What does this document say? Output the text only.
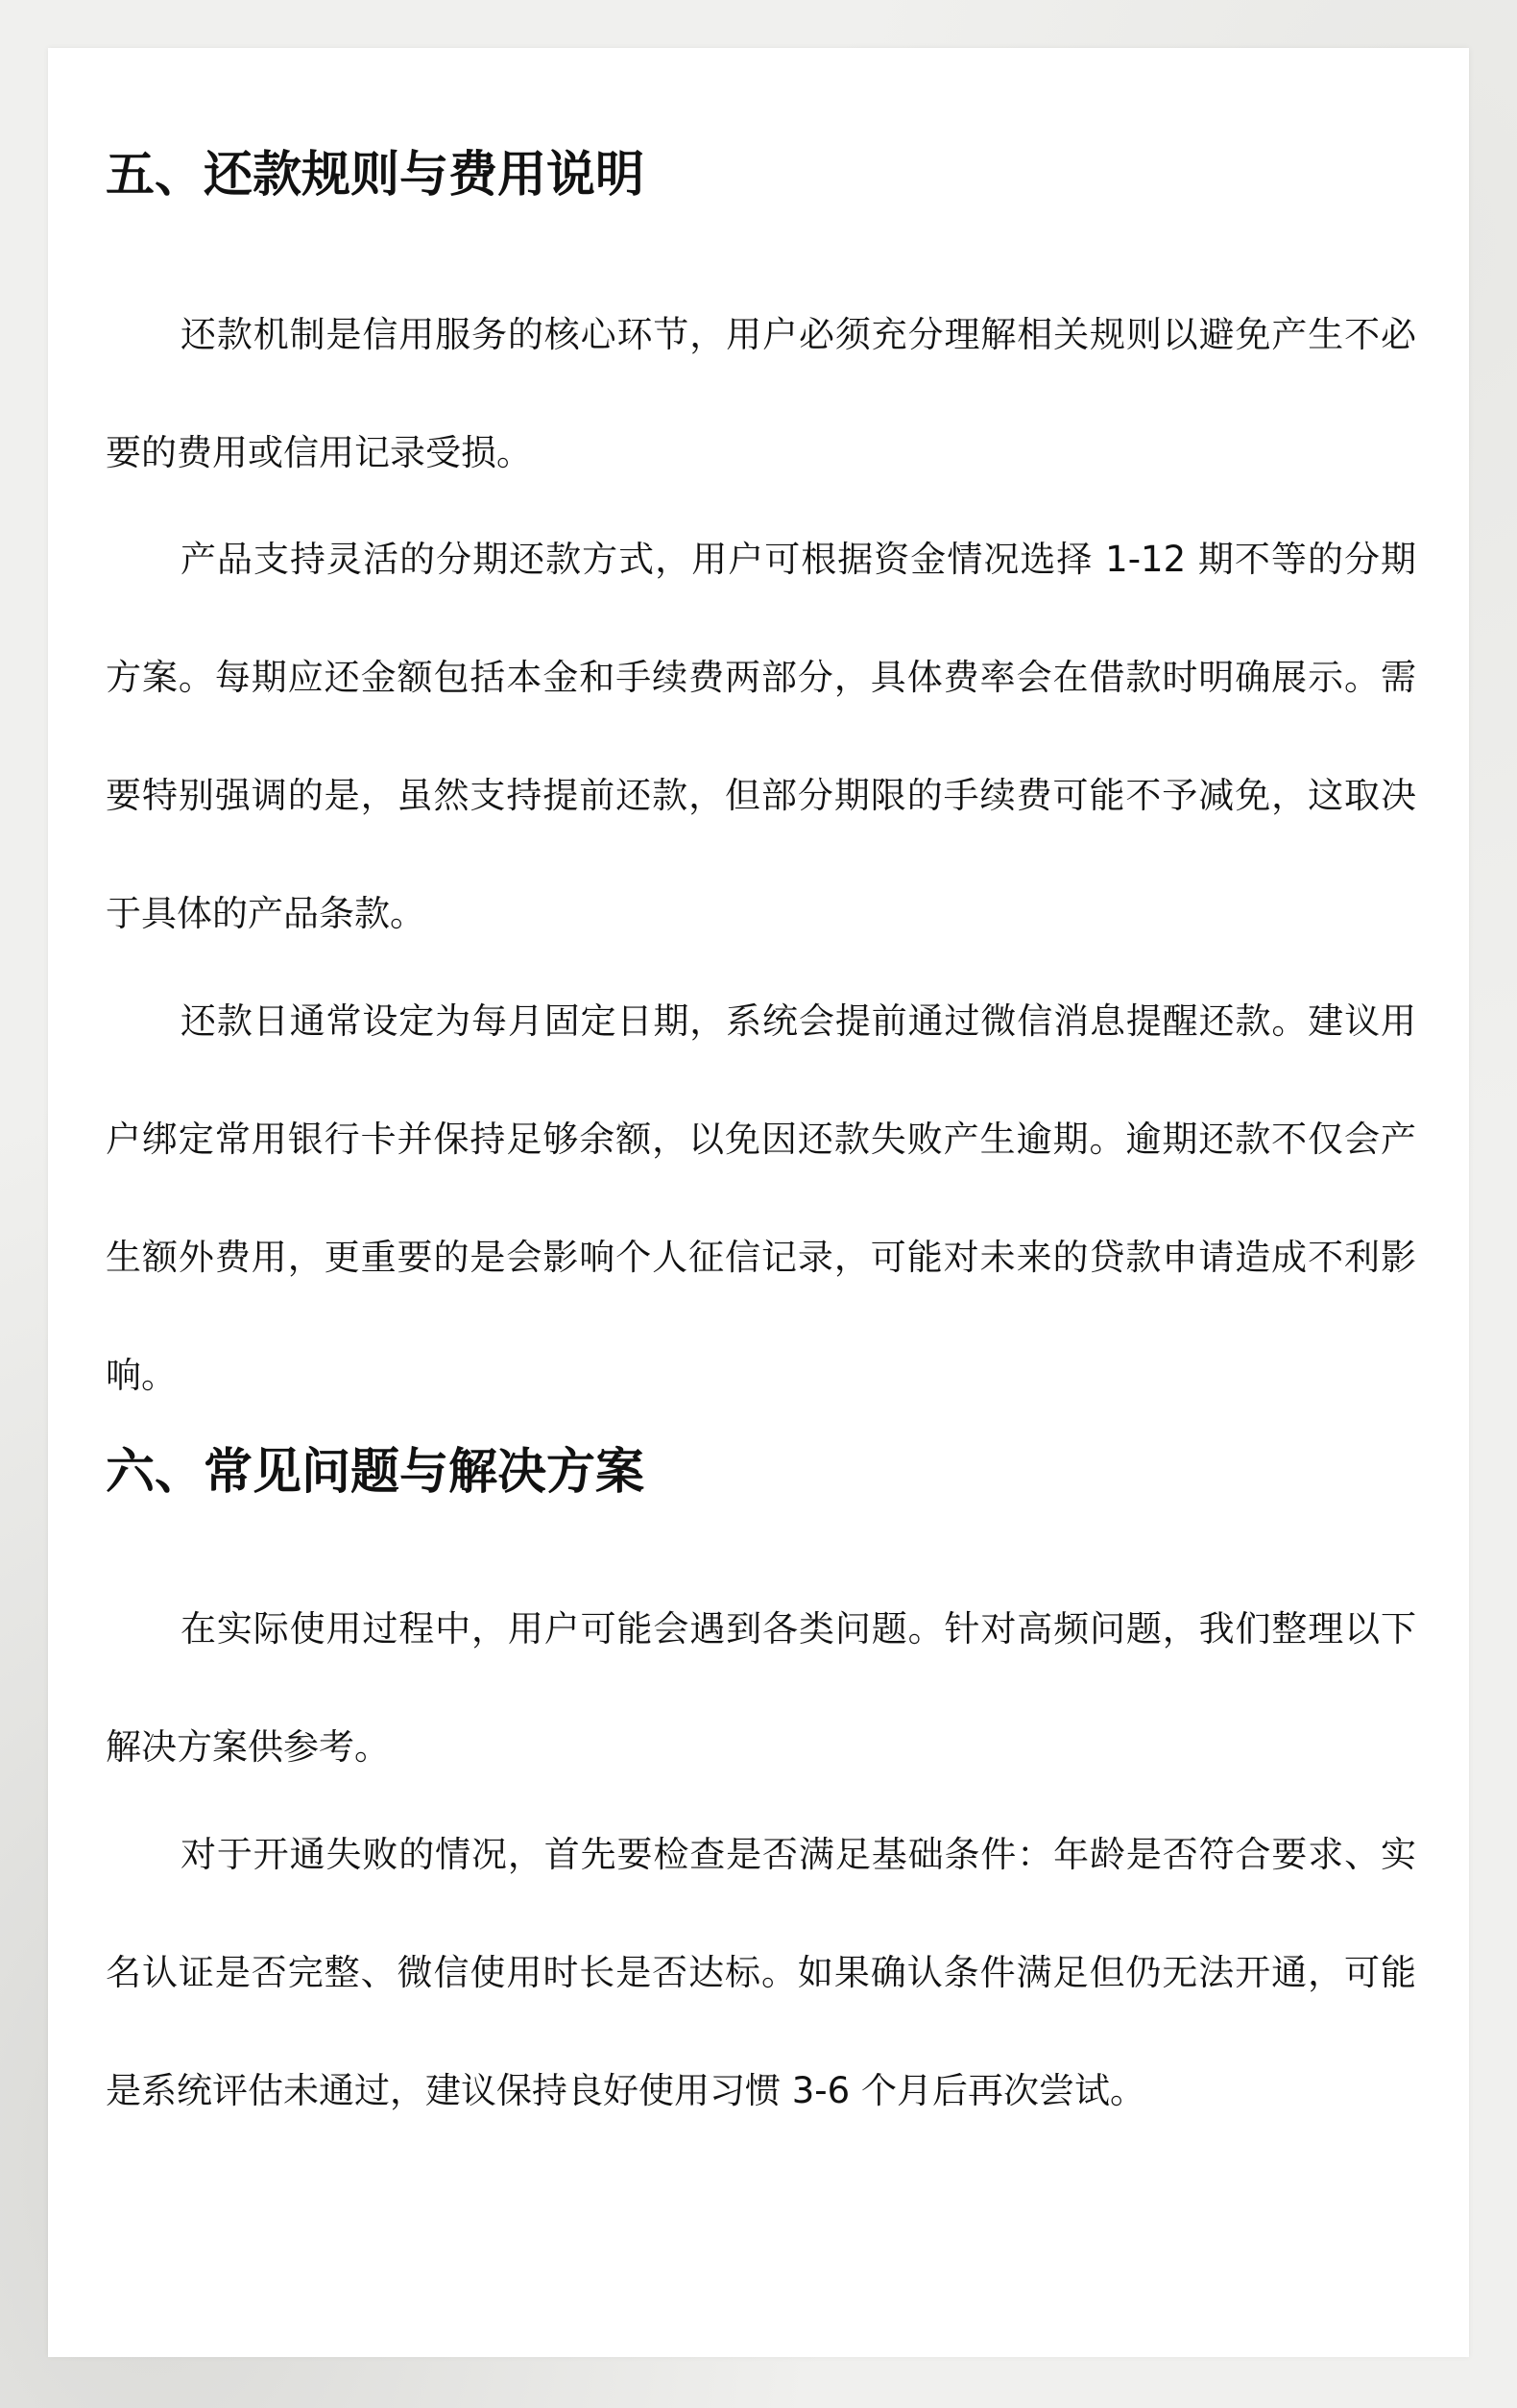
五、还款规则与费用说明

还款机制是信用服务的核心环节，用户必须充分理解相关规则以避免产生不必要的费用或信用记录受损。

产品支持灵活的分期还款方式，用户可根据资金情况选择 1-12 期不等的分期方案。每期应还金额包括本金和手续费两部分，具体费率会在借款时明确展示。需要特别强调的是，虽然支持提前还款，但部分期限的手续费可能不予减免，这取决于具体的产品条款。

还款日通常设定为每月固定日期，系统会提前通过微信消息提醒还款。建议用户绑定常用银行卡并保持足够余额，以免因还款失败产生逾期。逾期还款不仅会产生额外费用，更重要的是会影响个人征信记录，可能对未来的贷款申请造成不利影响。

六、常见问题与解决方案

在实际使用过程中，用户可能会遇到各类问题。针对高频问题，我们整理以下解决方案供参考。

对于开通失败的情况，首先要检查是否满足基础条件：年龄是否符合要求、实名认证是否完整、微信使用时长是否达标。如果确认条件满足但仍无法开通，可能是系统评估未通过，建议保持良好使用习惯 3-6 个月后再次尝试。
